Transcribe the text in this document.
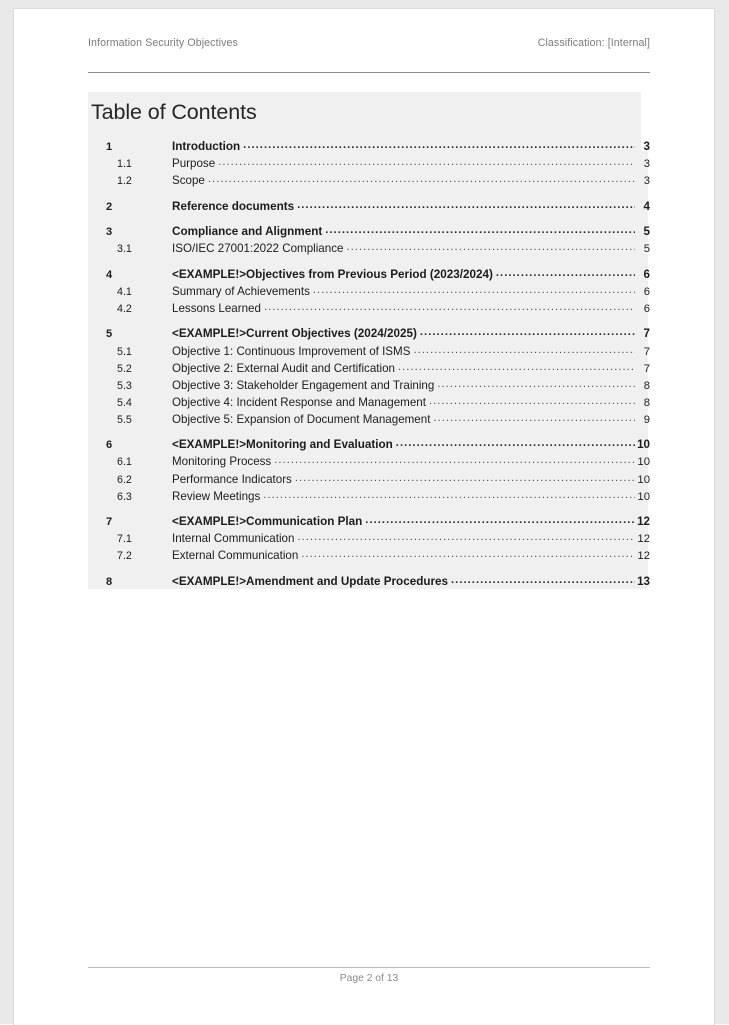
Information Security Objectives	Classification: [Internal]
Table of Contents
1	Introduction .....	3
1.1	Purpose .....	3
1.2	Scope .....	3
2	Reference documents .....	4
3	Compliance and Alignment .....	5
3.1	ISO/IEC 27001:2022 Compliance .....	5
4	<EXAMPLE!>Objectives from Previous Period (2023/2024) .....	6
4.1	Summary of Achievements .....	6
4.2	Lessons Learned .....	6
5	<EXAMPLE!>Current Objectives (2024/2025) .....	7
5.1	Objective 1: Continuous Improvement of ISMS .....	7
5.2	Objective 2: External Audit and Certification .....	7
5.3	Objective 3: Stakeholder Engagement and Training .....	8
5.4	Objective 4: Incident Response and Management .....	8
5.5	Objective 5: Expansion of Document Management .....	9
6	<EXAMPLE!>Monitoring and Evaluation .....	10
6.1	Monitoring Process .....	10
6.2	Performance Indicators .....	10
6.3	Review Meetings .....	10
7	<EXAMPLE!>Communication Plan .....	12
7.1	Internal Communication .....	12
7.2	External Communication .....	12
8	<EXAMPLE!>Amendment and Update Procedures .....	13
Page 2 of 13
